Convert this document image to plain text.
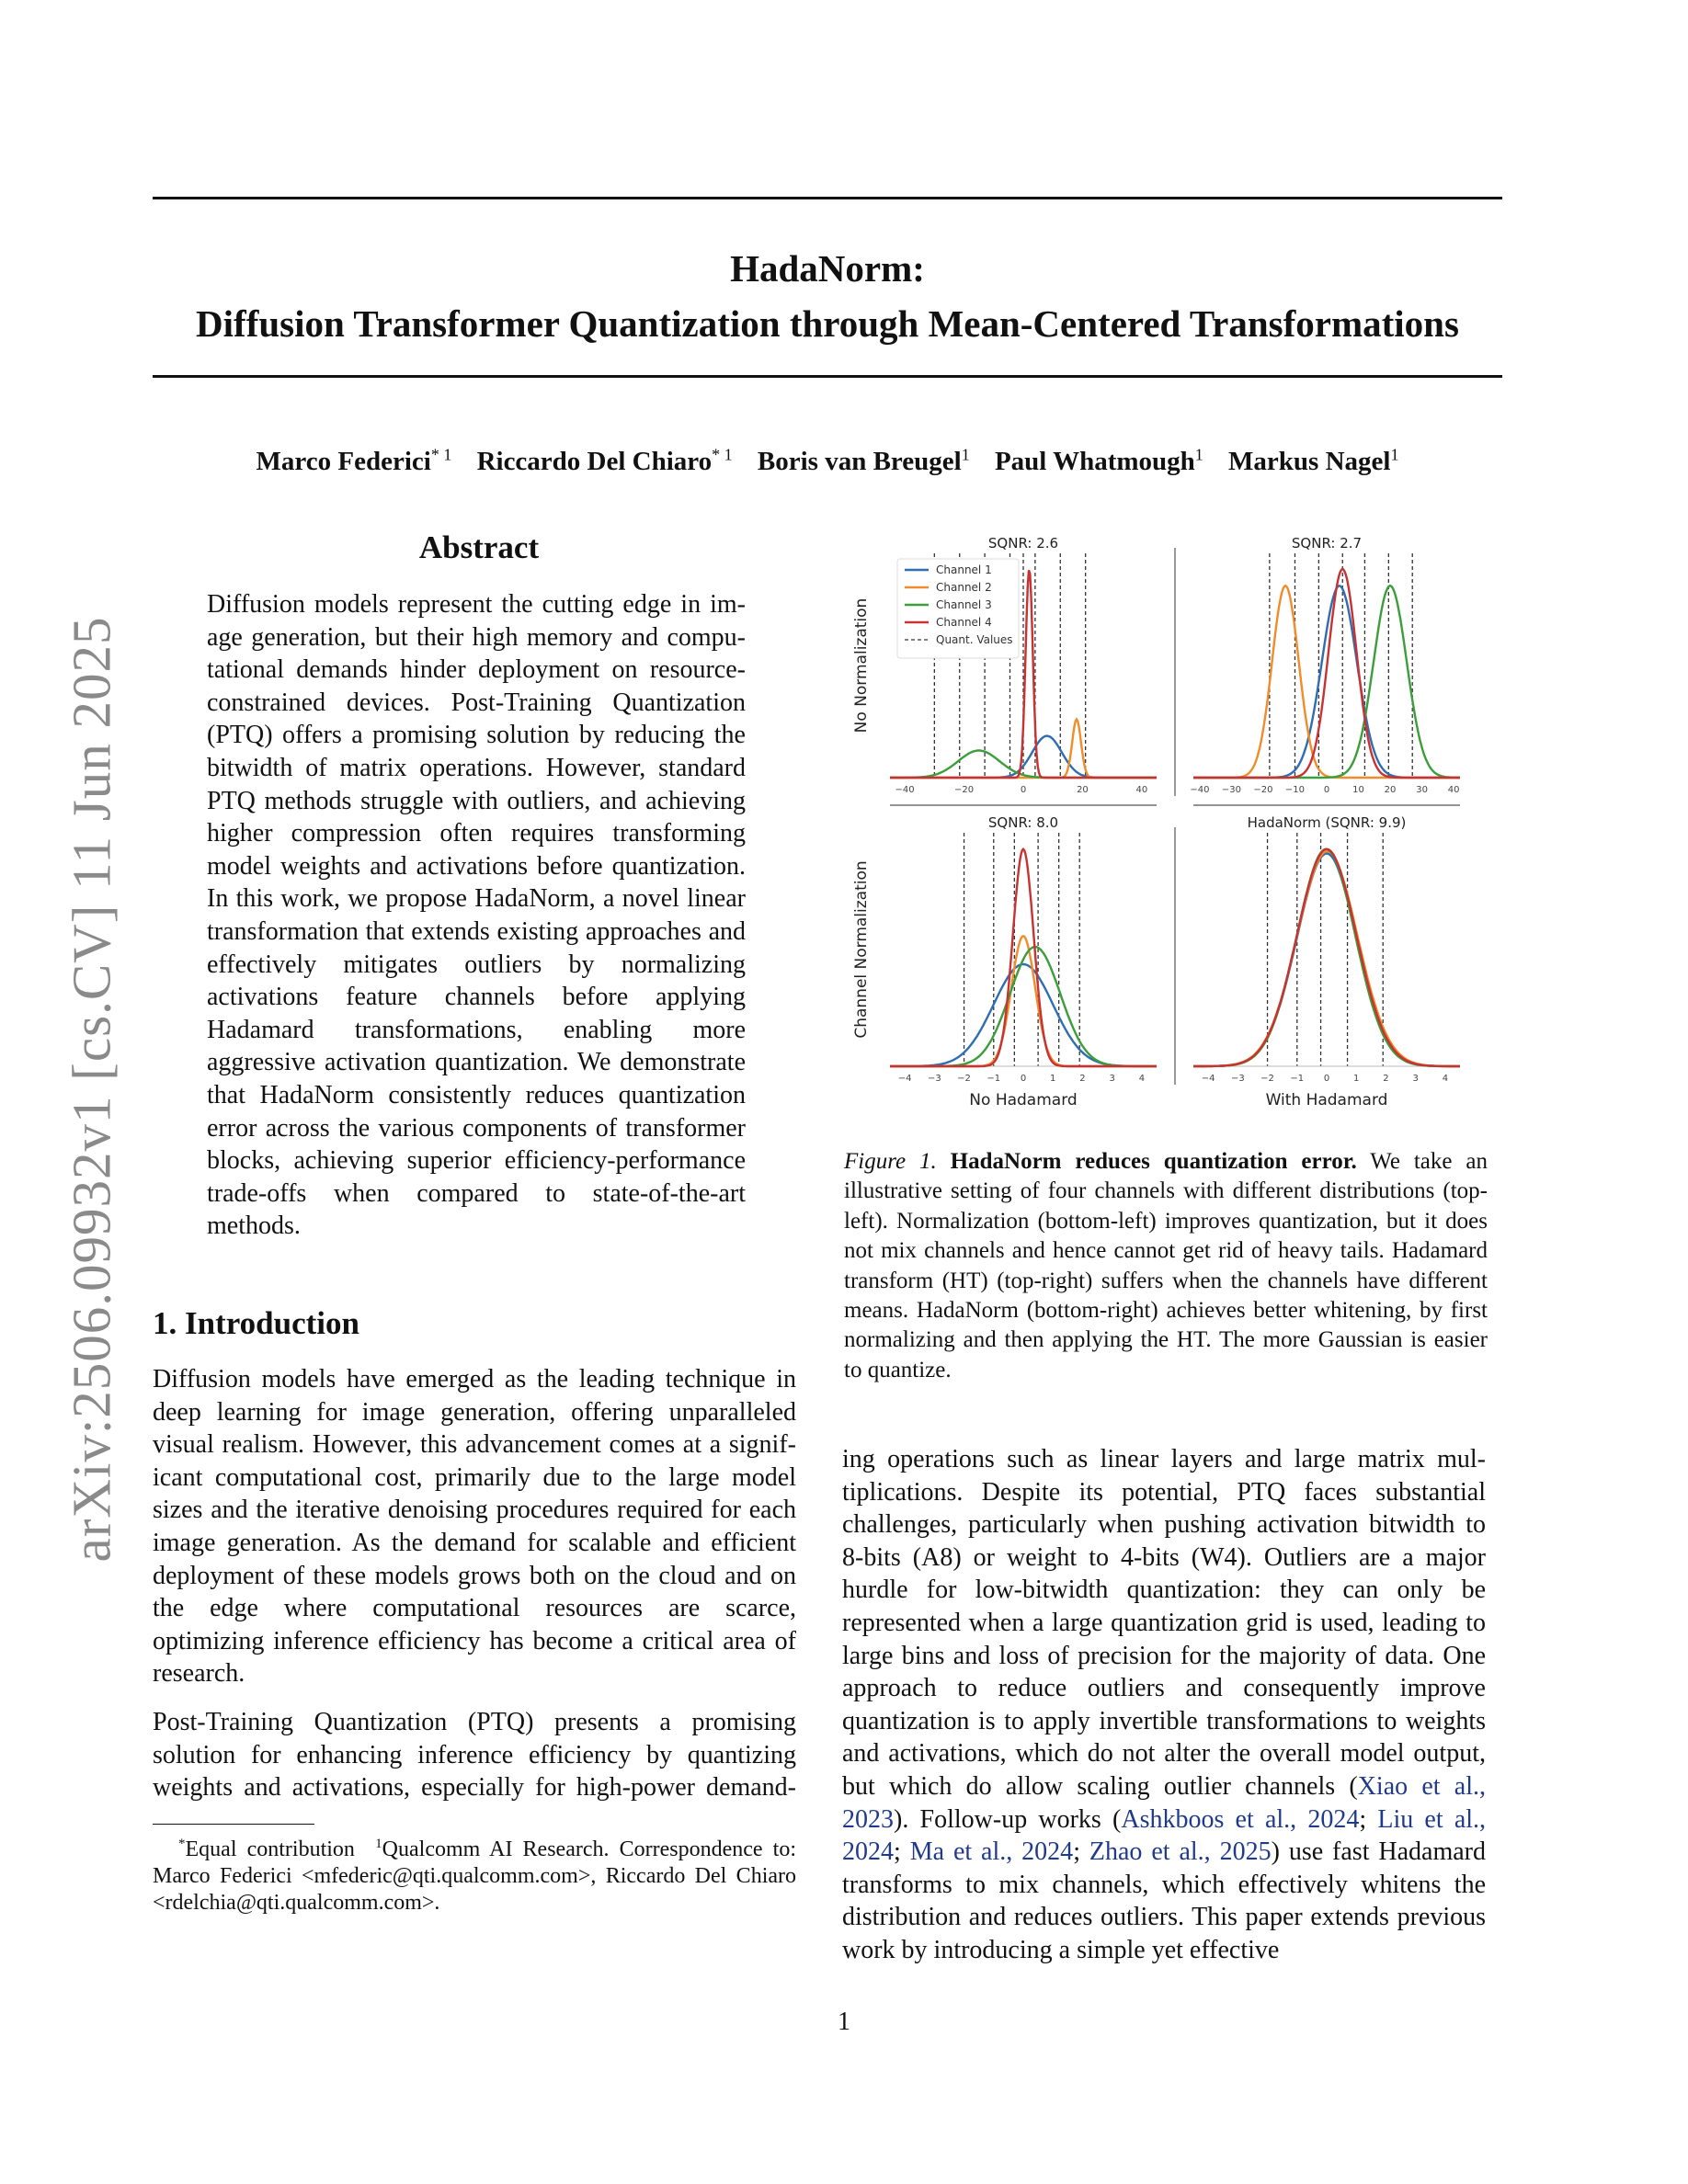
HadaNorm:
Diffusion Transformer Quantization through Mean-Centered Transformations
Marco Federici$^{* 1}$ Riccardo Del Chiaro$^{* 1}$ Boris van Breugel$^1$ Paul Whatmough$^1$ Markus Nagel$^1$
arXiv:2506.09932v1 [cs.CV] 11 Jun 2025
Abstract
Diffusion models represent the cutting edge in image generation, but their high memory and computational demands hinder deployment on resourceconstrained devices. Post-Training Quantization (PTQ) offers a promising solution by reducing the bitwidth of matrix operations. However, standard PTQ methods struggle with outliers, and achieving higher compression often requires transforming model weights and activations before quantization. In this work, we propose HadaNorm, a novel linear transformation that extends existing approaches and effectively mitigates outliers by normalizing activations feature channels before applying Hadamard transformations, enabling more aggressive activation quantization. We demonstrate that HadaNorm consistently reduces quantization error across the various components of transformer blocks, achieving superior efficiency-performance trade-offs when compared to state-of-the-art methods.
1. Introduction
Diffusion models have emerged as the leading technique in deep learning for image generation, offering unparalleled visual realism. However, this advancement comes at a significant computational cost, primarily due to the large model sizes and the iterative denoising procedures required for each image generation. As the demand for scalable and efficient deployment of these models grows both on the cloud and on the edge where computational resources are scarce, optimizing inference efficiency has become a critical area of research.
Post-Training Quantization (PTQ) presents a promising solution for enhancing inference efficiency by quantizing weights and activations, especially for high-power demand-
*Equal contribution $^1$Qualcomm AI Research. Correspondence to: Marco Federici <mfederic@qti.qualcomm.com>, Riccardo Del Chiaro <rdelchia@qti.qualcomm.com>.
SQNR: 2.6
−40	−20	0	20	40
No Normalization
Channel 1
Channel 2
Channel 3
Channel 4
Quant. Values
SQNR: 2.7
−40 −30 −20 −10 0 10 20 30 40
SQNR: 8.0
−4 −3 −2 −1 0	1	2	3	4
No Hadamard
Channel Normalization
HadaNorm (SQNR: 9.9)
−4 −3 −2 −1 0	1	2	3	4
With Hadamard
Figure 1. HadaNorm reduces quantization error. We take an illustrative setting of four channels with different distributions (top-left). Normalization (bottom-left) improves quantization, but it does not mix channels and hence cannot get rid of heavy tails. Hadamard transform (HT) (top-right) suffers when the channels have different means. HadaNorm (bottom-right) achieves better whitening, by first normalizing and then applying the HT. The more Gaussian is easier to quantize.
ing operations such as linear layers and large matrix multiplications. Despite its potential, PTQ faces substantial challenges, particularly when pushing activation bitwidth to 8-bits (A8) or weight to 4-bits (W4). Outliers are a major hurdle for low-bitwidth quantization: they can only be represented when a large quantization grid is used, leading to large bins and loss of precision for the majority of data. One approach to reduce outliers and consequently improve quantization is to apply invertible transformations to weights and activations, which do not alter the overall model output, but which do allow scaling outlier channels (Xiao et al., 2023). Follow-up works (Ashkboos et al., 2024; Liu et al., 2024; Ma et al., 2024; Zhao et al., 2025) use fast Hadamard transforms to mix channels, which effectively whitens the distribution and reduces outliers. This paper extends previous work by introducing a simple yet effective
1
